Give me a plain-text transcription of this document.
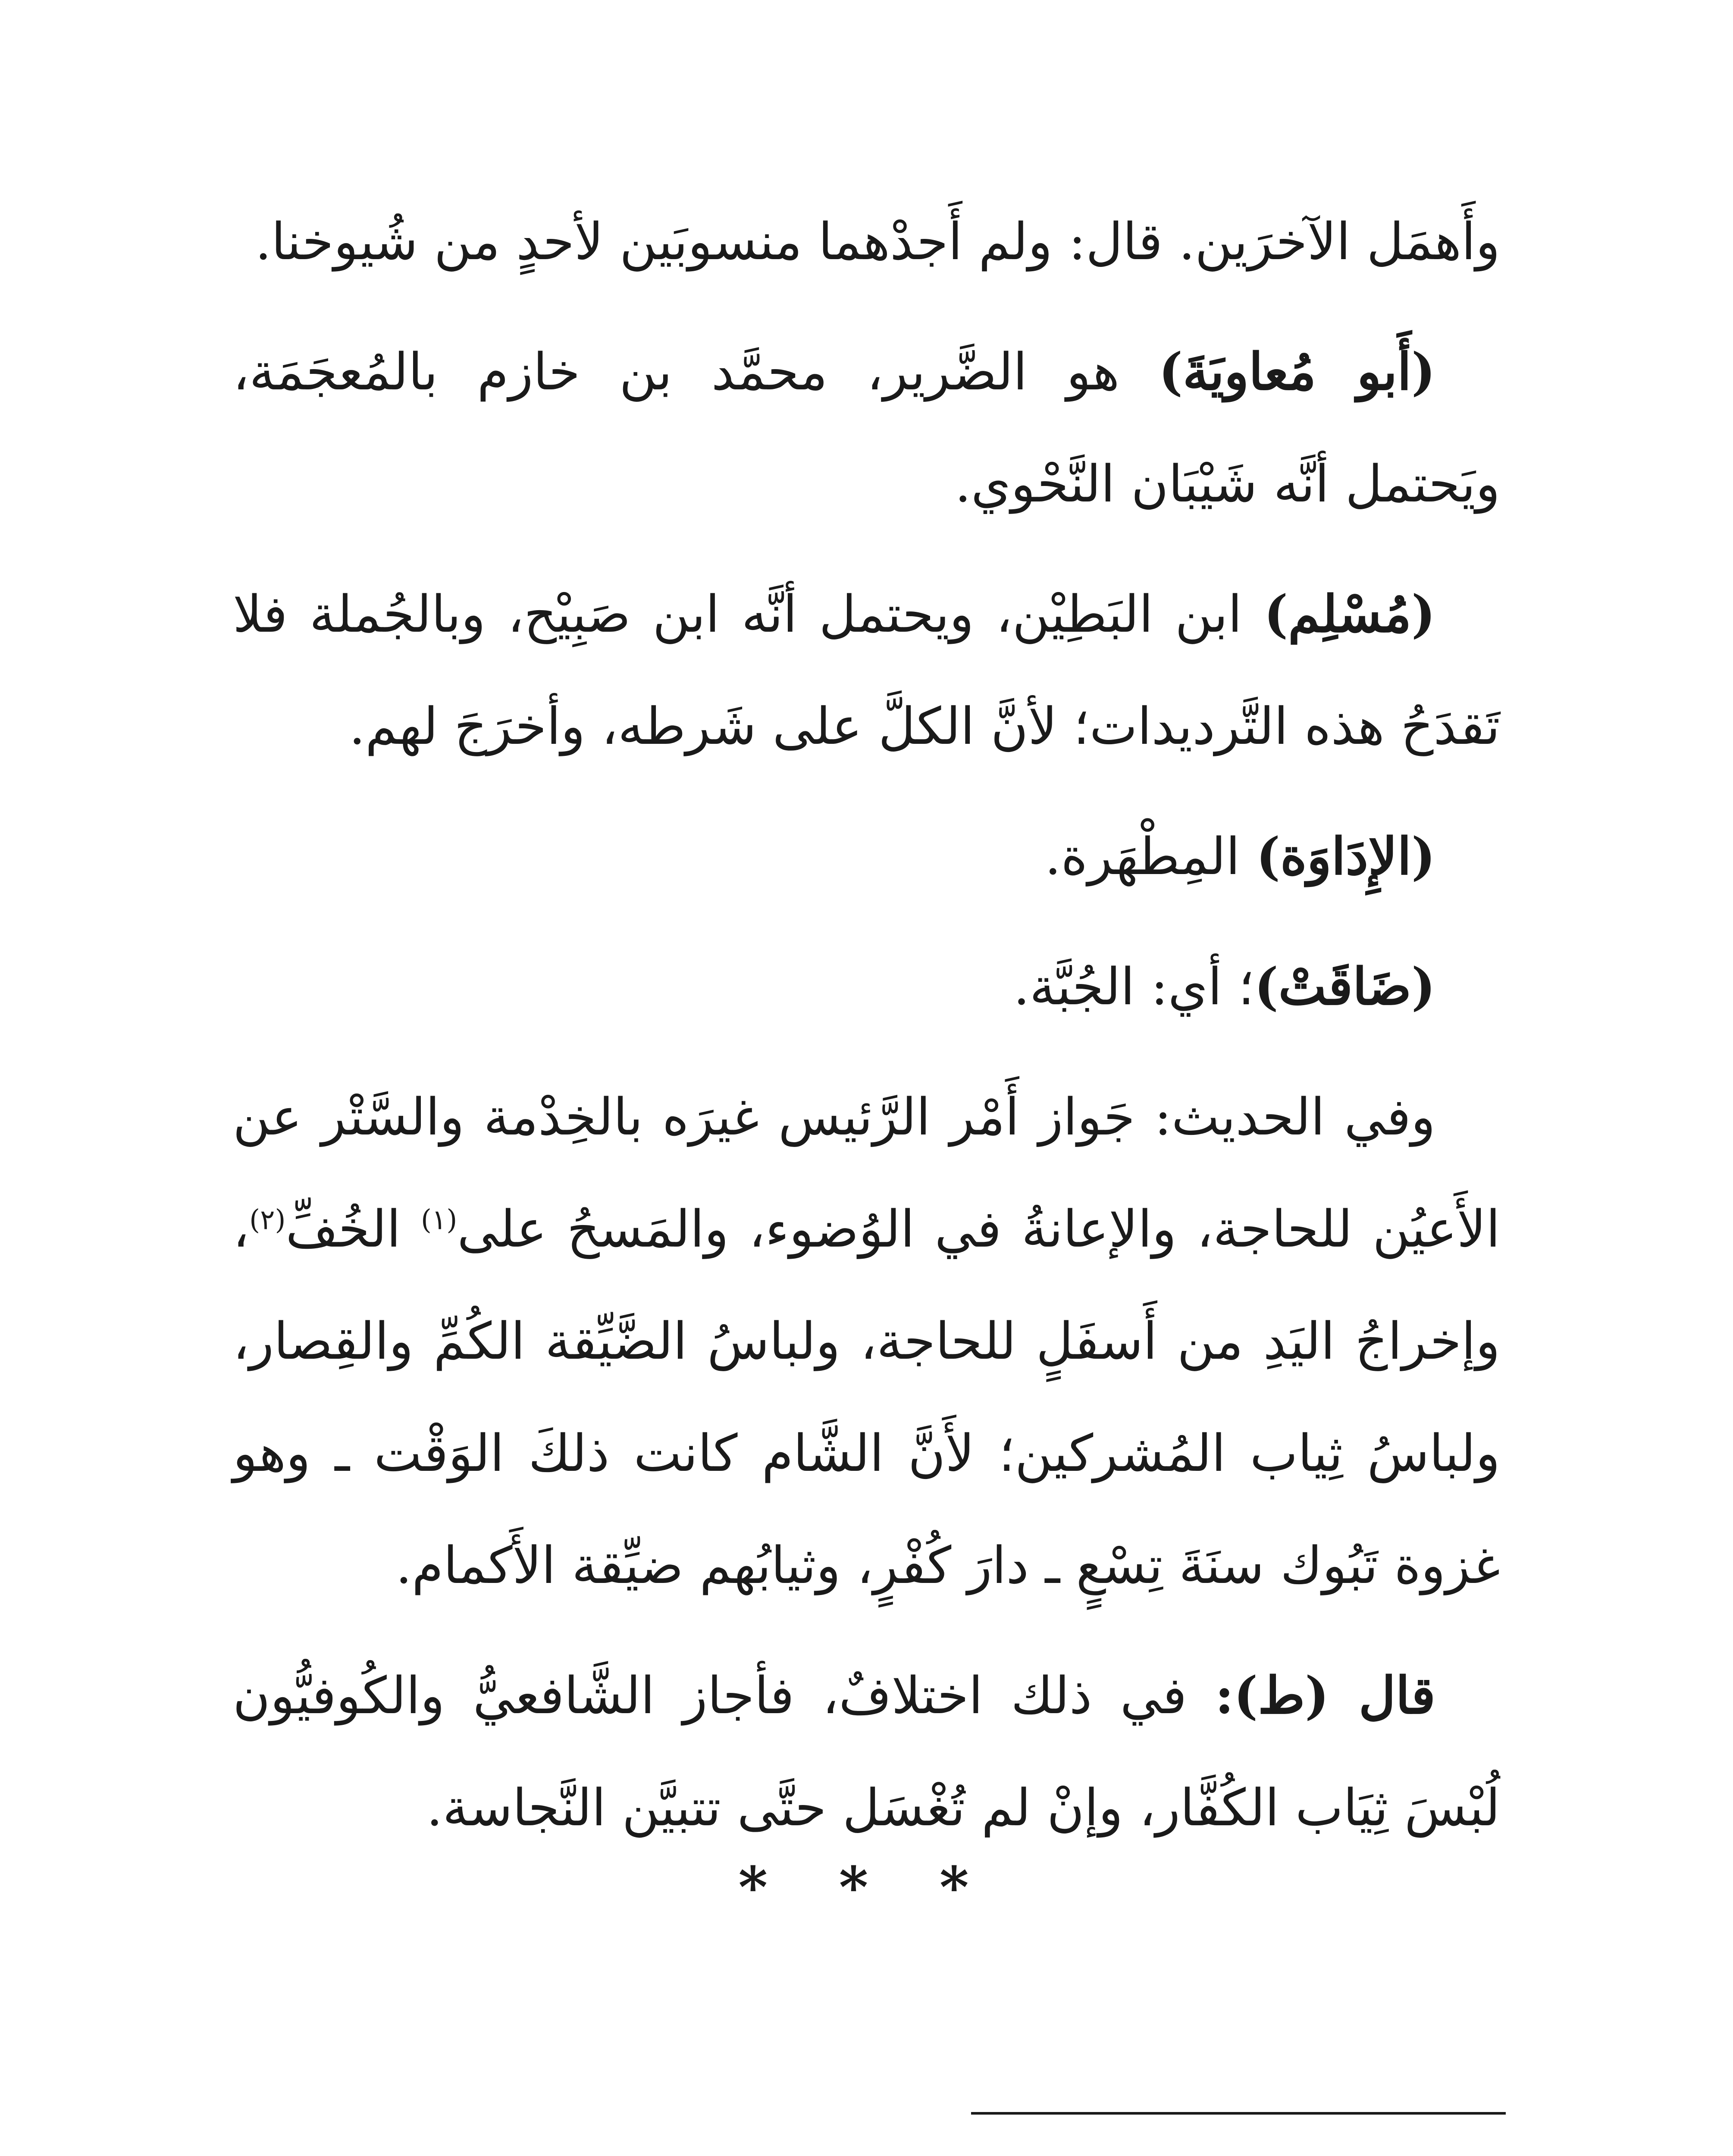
وأَهمَل الآخرَين. قال: ولم أَجدْهما منسوبَين لأحدٍ من شُيوخنا.

(أَبو مُعاويَةَ) هو الضَّرير، محمَّد بن خازم بالمُعجَمَة، ويَحتمل أنَّه شَيْبَان النَّحْوي.

(مُسْلِم) ابن البَطِيْن، ويحتمل أنَّه ابن صَبِيْح، وبالجُملة فلا تَقدَحُ هذه التَّرديدات؛ لأنَّ الكلَّ على شَرطه، وأخرَجَ لهم.

(الإِدَاوَة) المِطْهَرة.

(ضَاقَتْ)؛ أي: الجُبَّة.

وفي الحديث: جَواز أَمْر الرَّئيس غيرَه بالخِدْمة والسَّتْر عن الأَعيُن للحاجة، والإعانةُ في الوُضوء، والمَسحُ على$^{(١)}$ الخُفِّ$^{(٢)}$، وإخراجُ اليَدِ من أَسفَلٍ للحاجة، ولباسُ الضَّيِّقة الكُمِّ والقِصار، ولباسُ ثِياب المُشركين؛ لأَنَّ الشَّام كانت ذلكَ الوَقْت ـ وهو غزوة تَبُوك سنَةَ تِسْعٍ ـ دارَ كُفْرٍ، وثيابُهم ضيِّقة الأَكمام.

قال (ط): في ذلك اختلافٌ، فأجاز الشَّافعيُّ والكُوفيُّون لُبْسَ ثِيَاب الكُفَّار، وإنْ لم تُغْسَل حتَّى تتبيَّن النَّجاسة.

* * *
